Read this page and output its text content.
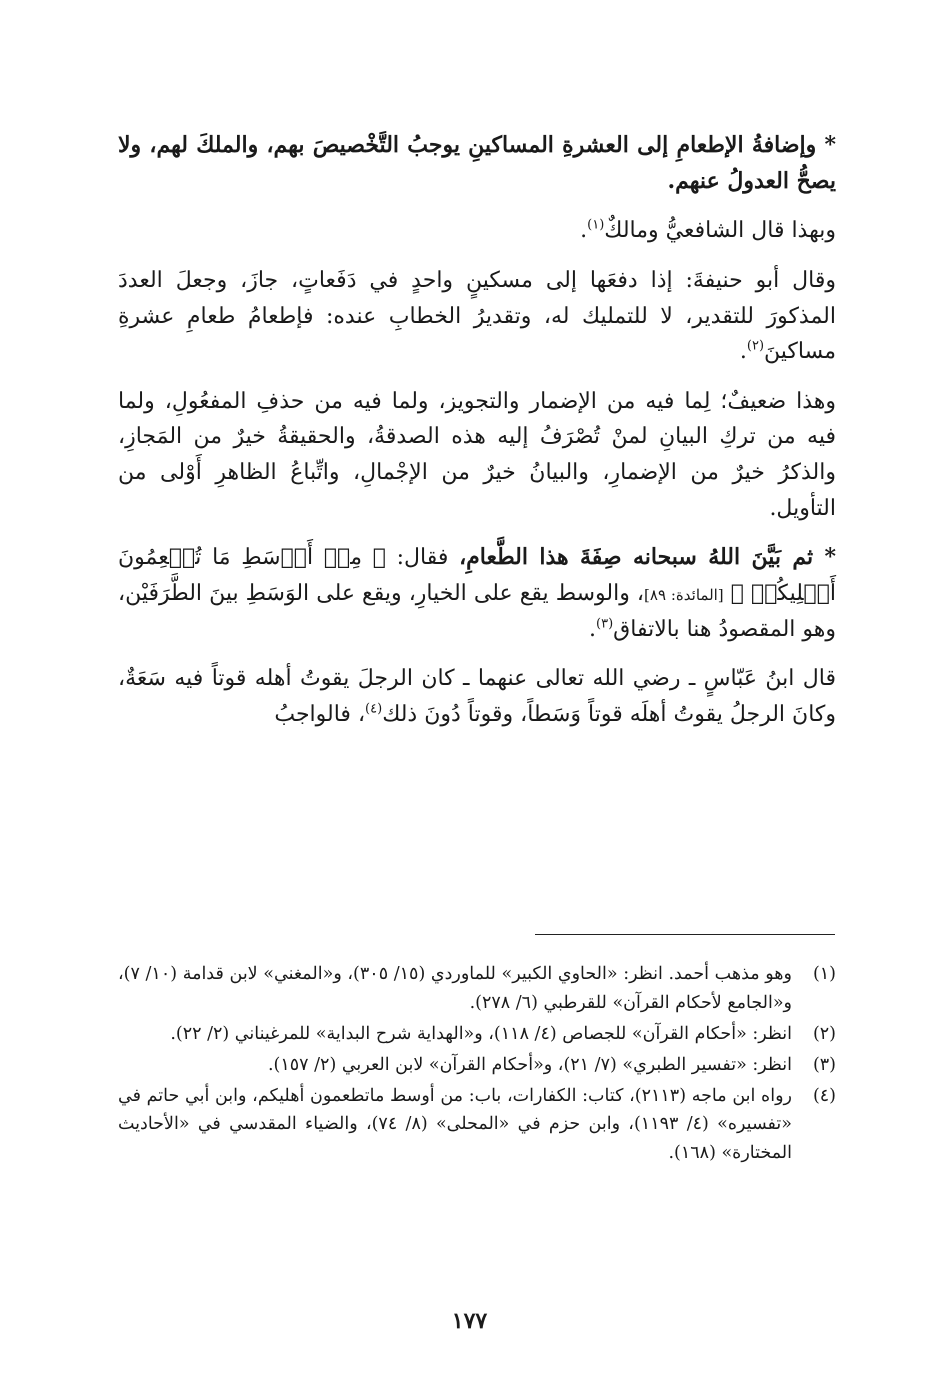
* وإضافةُ الإطعامِ إلى العشرةِ المساكينِ يوجبُ التَّخْصيصَ بهم، والملكَ لهم، ولا يصحُّ العدولُ عنهم.

وبهذا قال الشافعيُّ ومالكٌ$^{(١)}$.

وقال أبو حنيفةَ: إذا دفعَها إلى مسكينٍ واحدٍ في دَفَعاتٍ، جازَ، وجعلَ العددَ المذكورَ للتقدير، لا للتمليك له، وتقديرُ الخطابِ عنده: فإطعامُ طعامِ عشرةِ مساكينَ$^{(٢)}$.

وهذا ضعيفٌ؛ لِما فيه من الإضمار والتجويز، ولما فيه من حذفِ المفعُولِ، ولما فيه من تركِ البيانِ لمنْ تُصْرَفُ إليه هذه الصدقةُ، والحقيقةُ خيرٌ من المَجازِ، والذكرُ خيرٌ من الإضمارِ، والبيانُ خيرٌ من الإجْمالِ، واتِّباعُ الظاهرِ أَوْلى من التأويل.

* ثم بَيَّنَ اللهُ سبحانه صِفَةَ هذا الطَّعامِ، فقال: ﴿ مِنۡ أَوۡسَطِ مَا تُطۡعِمُونَ أَهۡلِيكُمۡ ﴾ [المائدة: ٨٩]، والوسط يقع على الخيارِ، ويقع على الوَسَطِ بينَ الطَّرَفَيْن، وهو المقصودُ هنا بالاتفاق$^{(٣)}$.

قال ابنُ عَبّاسٍ ـ رضي الله تعالى عنهما ـ كان الرجلَ يقوتُ أهله قوتاً فيه سَعَةٌ، وكانَ الرجلُ يقوتُ أهلَه قوتاً وَسَطاً، وقوتاً دُونَ ذلك$^{(٤)}$، فالواجبُ

(١)
وهو مذهب أحمد. انظر: «الحاوي الكبير» للماوردي (١٥/ ٣٠٥)، و«المغني» لابن قدامة (١٠/ ٧)، و«الجامع لأحكام القرآن» للقرطبي (٦/ ٢٧٨).
(٢)
انظر: «أحكام القرآن» للجصاص (٤/ ١١٨)، و«الهداية شرح البداية» للمرغيناني (٢/ ٢٢).
(٣)
انظر: «تفسير الطبري» (٧/ ٢١)، و«أحكام القرآن» لابن العربي (٢/ ١٥٧).
(٤)
رواه ابن ماجه (٢١١٣)، كتاب: الكفارات، باب: من أوسط ماتطعمون أهليكم، وابن أبي حاتم في «تفسيره» (٤/ ١١٩٣)، وابن حزم في «المحلى» (٨/ ٧٤)، والضياء المقدسي في «الأحاديث المختارة» (١٦٨).
١٧٧
